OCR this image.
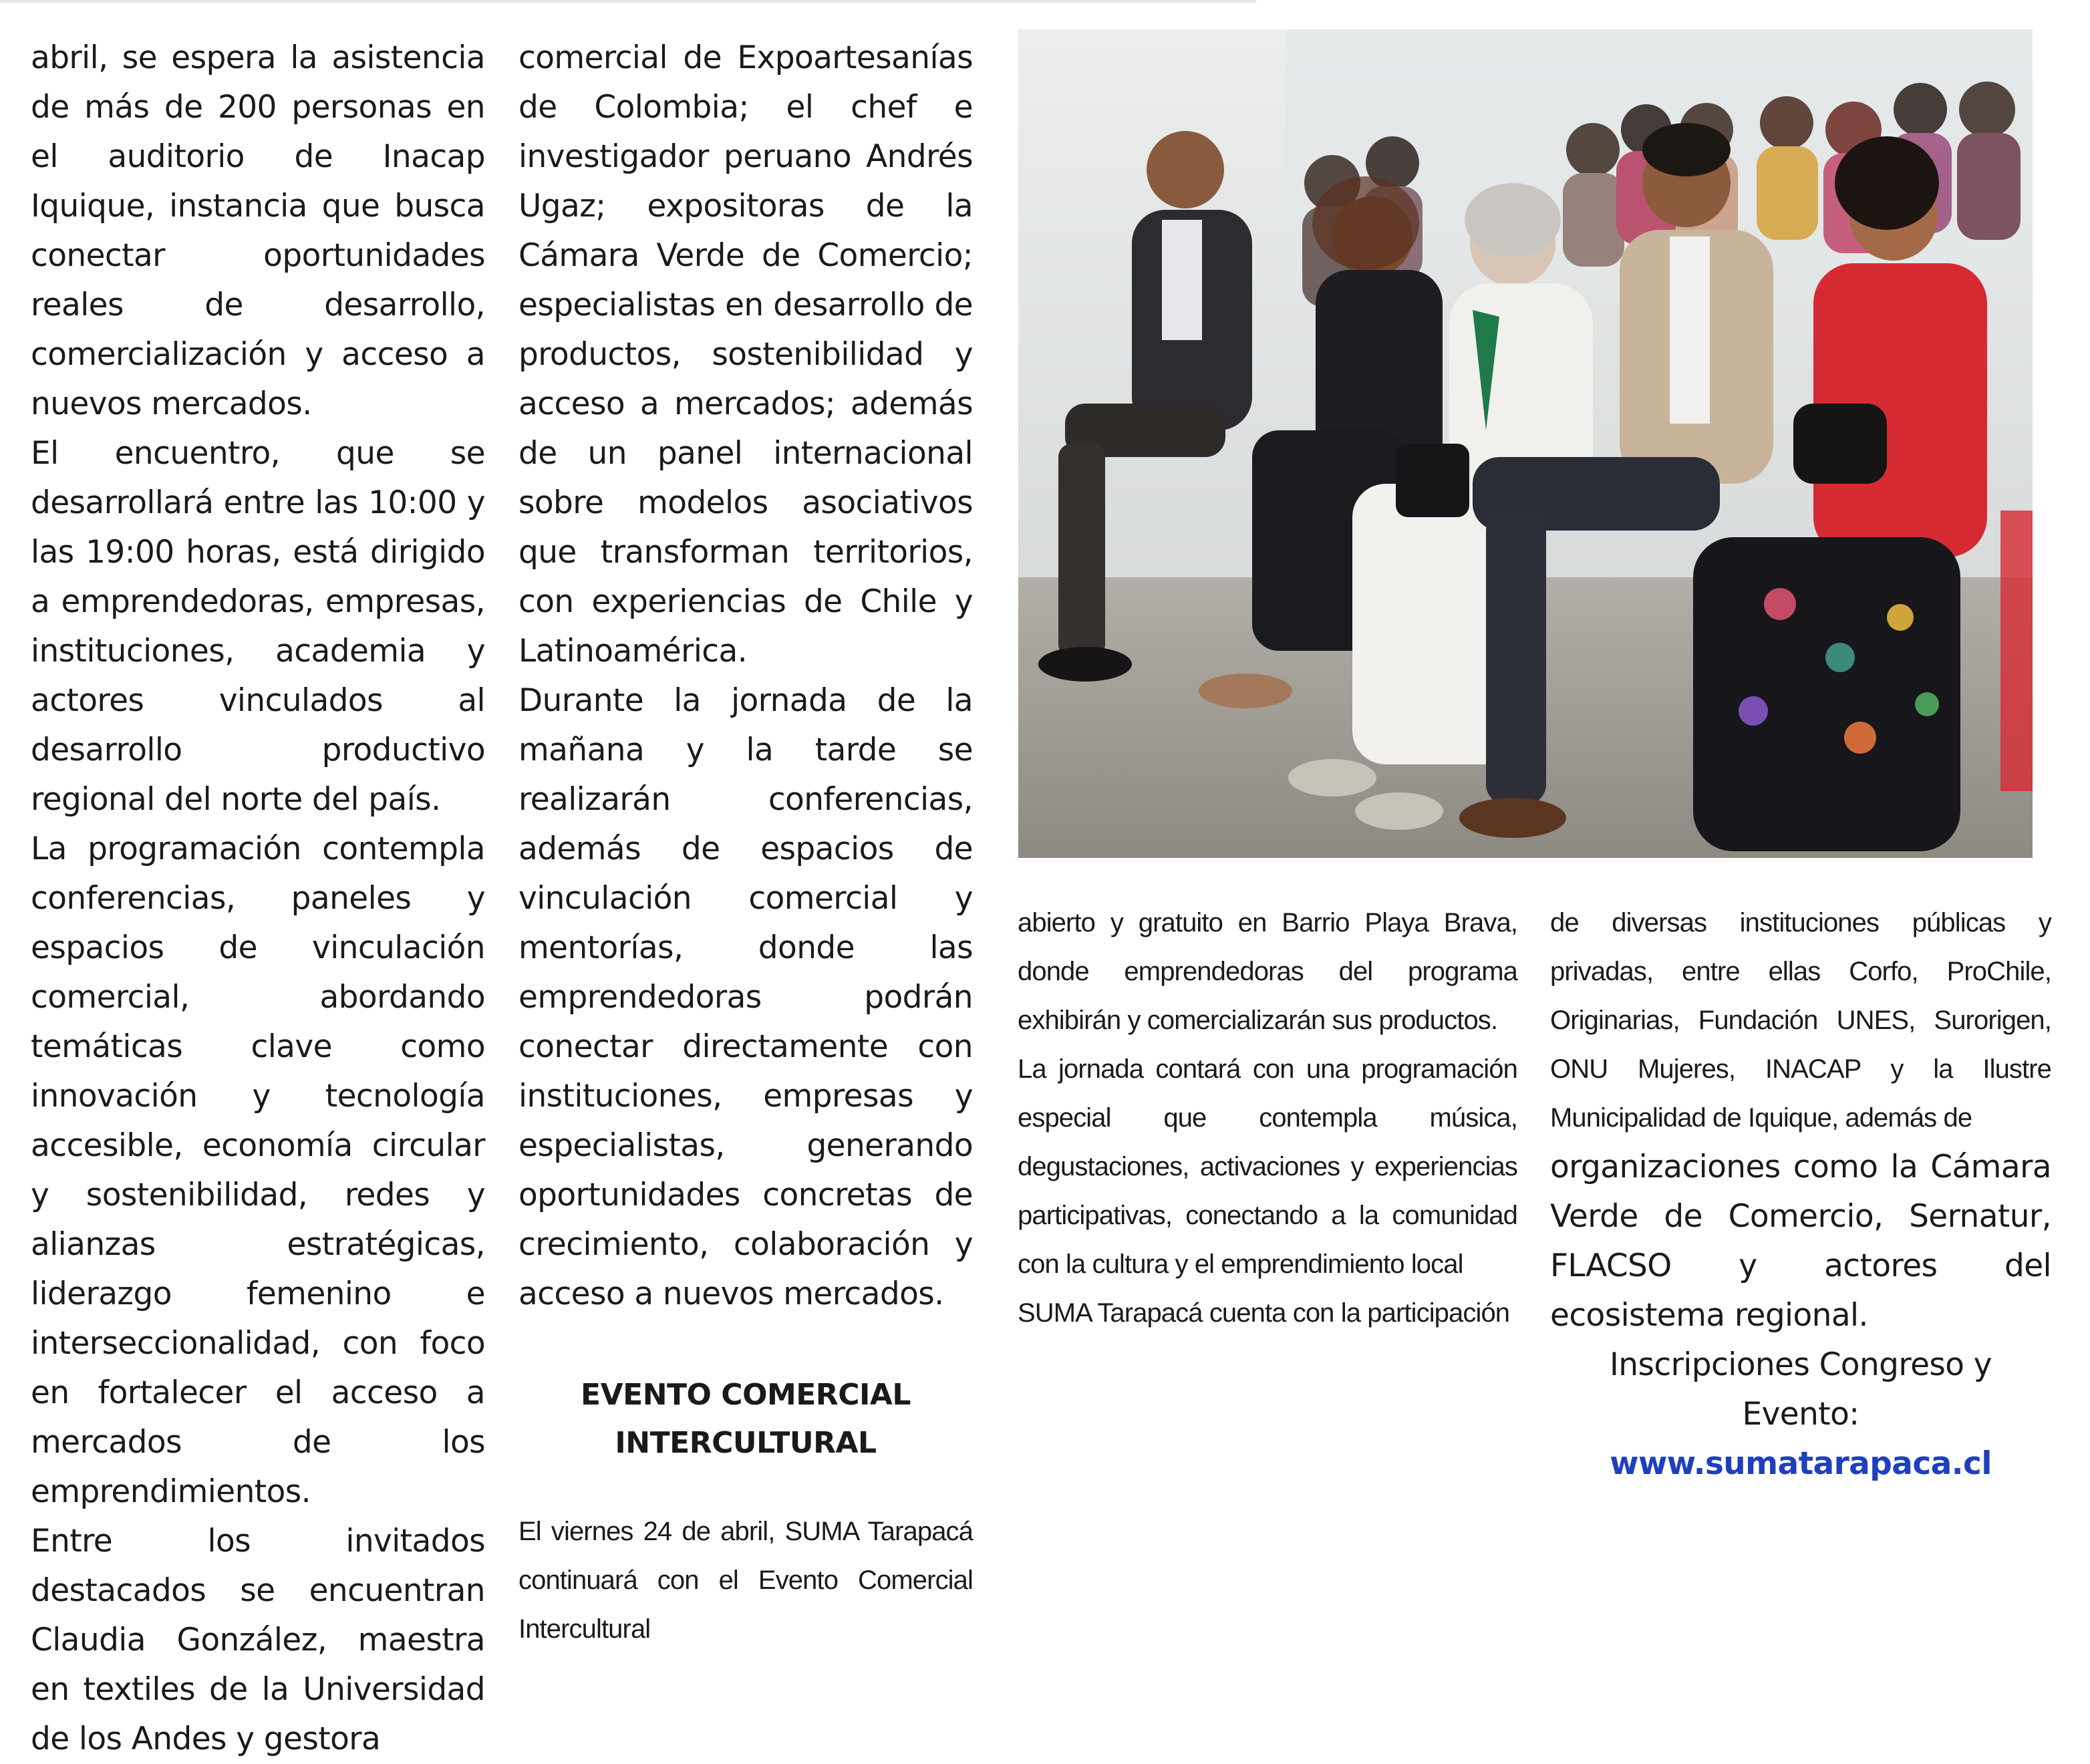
abril, se espera la asistencia de más de 200 personas en el auditorio de Inacap Iquique, instancia que busca conectar oportunidades reales de desarrollo, comercialización y acceso a nuevos mercados.

El encuentro, que se desarrollará entre las 10:00 y las 19:00 horas, está dirigido a emprendedoras, empresas, instituciones, academia y actores vinculados al desarrollo productivo regional del norte del país.

La programación contempla conferencias, paneles y espacios de vinculación comercial, abordando temáticas clave como innovación y tecnología accesible, economía circular y sostenibilidad, redes y alianzas estratégicas, liderazgo femenino e interseccionalidad, con foco en fortalecer el acceso a mercados de los emprendimientos.

Entre los invitados destacados se encuentran Claudia González, maestra en textiles de la Universidad de los Andes y gestora

comercial de Expoartesanías de Colombia; el chef e investigador peruano Andrés Ugaz; expositoras de la Cámara Verde de Comercio; especialistas en desarrollo de productos, sostenibilidad y acceso a mercados; además de un panel internacional sobre modelos asociativos que transforman territorios, con experiencias de Chile y Latinoamérica.

Durante la jornada de la mañana y la tarde se realizarán conferencias, además de espacios de vinculación comercial y mentorías, donde las emprendedoras podrán conectar directamente con instituciones, empresas y especialistas, generando oportunidades concretas de crecimiento, colaboración y acceso a nuevos mercados.

EVENTO COMERCIAL

INTERCULTURAL

El viernes 24 de abril, SUMA Tarapacá continuará con el Evento Comercial Intercultural

abierto y gratuito en Barrio Playa Brava, donde emprendedoras del programa exhibirán y comercializarán sus productos.

La jornada contará con una programación especial que contempla música, degustaciones, activaciones y experiencias participativas, conectando a la comunidad con la cultura y el emprendimiento local

SUMA Tarapacá cuenta con la participación

de diversas instituciones públicas y privadas, entre ellas Corfo, ProChile, Originarias, Fundación UNES, Surorigen, ONU Mujeres, INACAP y la Ilustre Municipalidad de Iquique, además de

organizaciones como la Cámara Verde de Comercio, Sernatur, FLACSO y actores del ecosistema regional.

Inscripciones Congreso y Evento:

www.sumatarapaca.cl
